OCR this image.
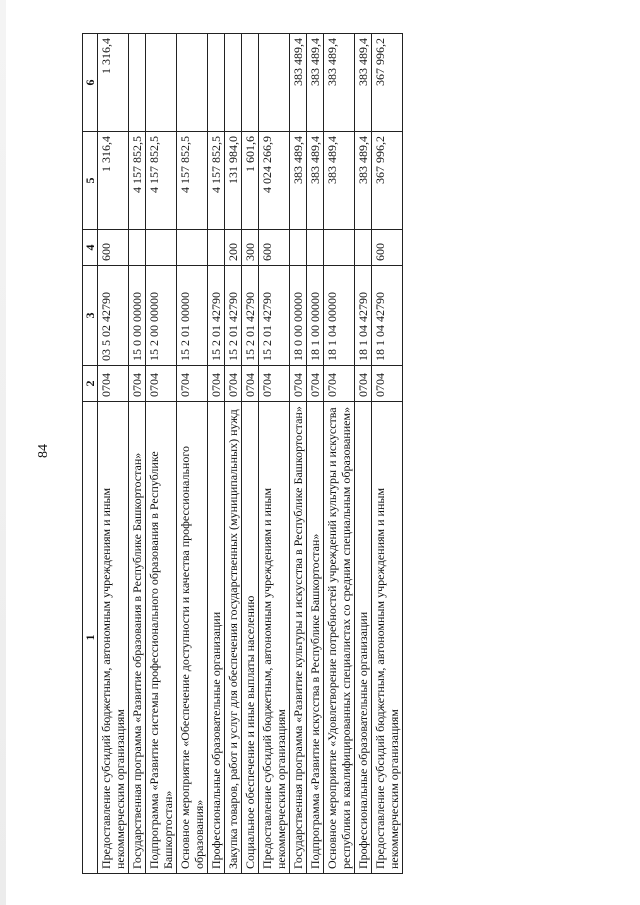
84
1	2	3	4	5	6
Предоставление субсидий бюджетным, автономным учреждениям и иным некоммерческим организациям	0704	03 5 02 42790	600	1 316,4	1 316,4
Государственная программа «Развитие образования в Республике Башкортостан»	0704	15 0 00 00000		4 157 852,5	
Подпрограмма «Развитие системы профессионального образования в Республике Башкортостан»	0704	15 2 00 00000		4 157 852,5	
Основное мероприятие «Обеспечение доступности и качества профессионального образования»	0704	15 2 01 00000		4 157 852,5	
Профессиональные образовательные организации	0704	15 2 01 42790		4 157 852,5	
Закупка товаров, работ и услуг для обеспечения государственных (муниципальных) нужд	0704	15 2 01 42790	200	131 984,0	
Социальное обеспечение и иные выплаты населению	0704	15 2 01 42790	300	1 601,6	
Предоставление субсидий бюджетным, автономным учреждениям и иным некоммерческим организациям	0704	15 2 01 42790	600	4 024 266,9	
Государственная программа «Развитие культуры и искусства в Республике Башкортостан»	0704	18 0 00 00000		383 489,4	383 489,4
Подпрограмма «Развитие искусства в Республике Башкортостан»	0704	18 1 00 00000		383 489,4	383 489,4
Основное мероприятие «Удовлетворение потребностей учреждений культуры и искусства республики в квалифицированных специалистах со средним специальным образованием»	0704	18 1 04 00000		383 489,4	383 489,4
Профессиональные образовательные организации	0704	18 1 04 42790		383 489,4	383 489,4
Предоставление субсидий бюджетным, автономным учреждениям и иным некоммерческим организациям	0704	18 1 04 42790	600	367 996,2	367 996,2
